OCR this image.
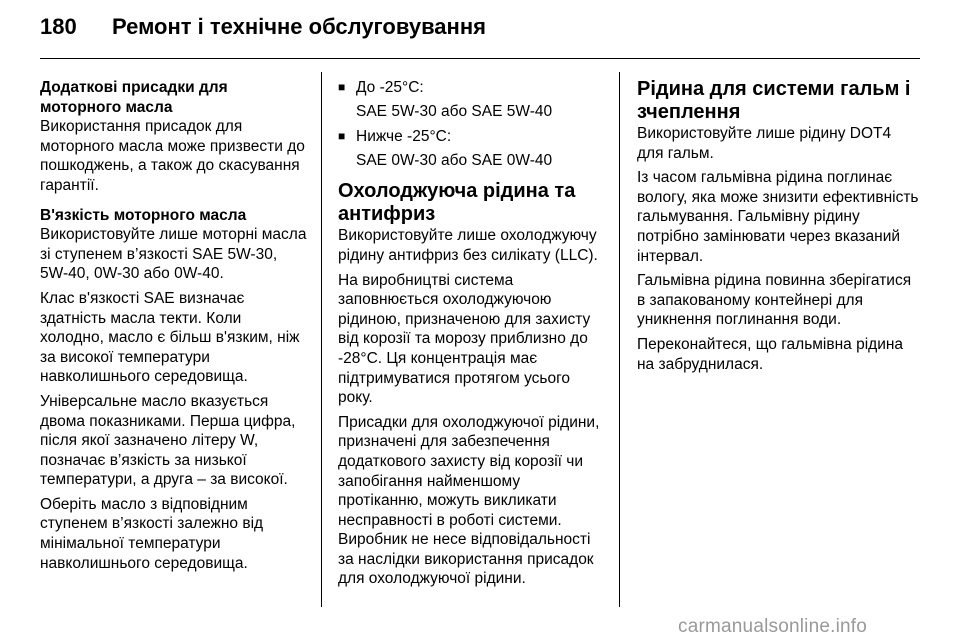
180	Ремонт і технічне обслуговування
Додаткові присадки для моторного масла

Використання присадок для моторного масла може призвести до пошкоджень, а також до скасування гарантії.

В'язкість моторного масла

Використовуйте лише моторні масла зі ступенем в’язкості SAE 5W-30, 5W-40, 0W-30 або 0W-40.

Клас в'язкості SAE визначає здатність масла текти. Коли холодно, масло є більш в'язким, ніж за високої температури навколишнього середовища.

Універсальне масло вказується двома показниками. Перша цифра, після якої зазначено літеру W, позначає в’язкість за низької температури, а друга – за високої.

Оберіть масло з відповідним ступенем в’язкості залежно від мінімальної температури навколишнього середовища.

■ До -25°C:

SAE 5W-30 або SAE 5W-40

■ Нижче -25°C:

SAE 0W-30 або SAE 0W-40

Охолоджуюча рідина та антифриз

Використовуйте лише охолоджуючу рідину антифриз без силікату (LLC).

На виробництві система заповнюється охолоджуючою рідиною, призначеною для захисту від корозії та морозу приблизно до -28°C. Ця концентрація має підтримуватися протягом усього року.

Присадки для охолоджуючої рідини, призначені для забезпечення додаткового захисту від корозії чи запобігання найменшому протіканню, можуть викликати несправності в роботі системи. Виробник не несе відповідальності за наслідки використання присадок для охолоджуючої рідини.

Рідина для системи гальм і зчеплення

Використовуйте лише рідину DOT4 для гальм.

Із часом гальмівна рідина поглинає вологу, яка може знизити ефективність гальмування. Гальмівну рідину потрібно замінювати через вказаний інтервал.

Гальмівна рідина повинна зберігатися в запакованому контейнері для уникнення поглинання води.

Переконайтеся, що гальмівна рідина на забруднилася.

carmanualsonline.info
